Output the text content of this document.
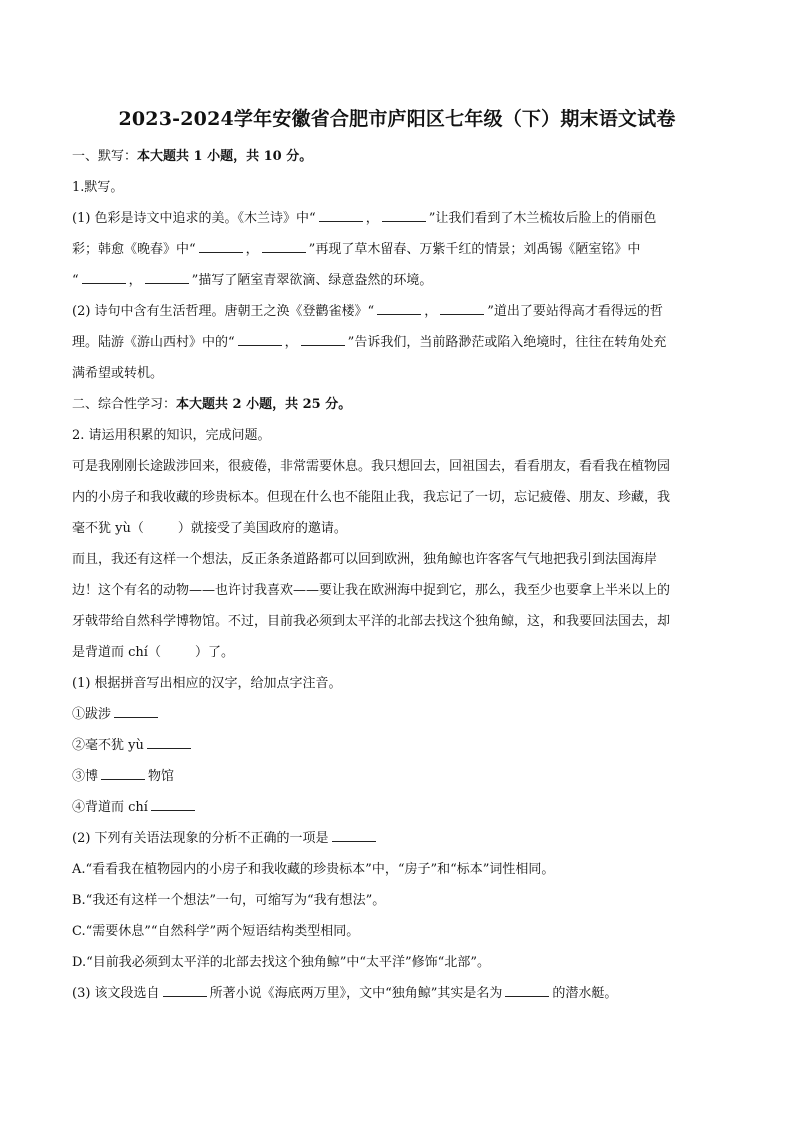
2023-2024学年安徽省合肥市庐阳区七年级（下）期末语文试卷

一、默写：本大题共 1 小题，共 10 分。

1.默写。

(1) 色彩是诗文中追求的美。《木兰诗》中“	，	”让我们看到了木兰梳妆后脸上的俏丽色

彩；韩愈《晚春》中“	，	”再现了草木留春、万紫千红的情景；刘禹锡《陋室铭》中

“	，	”描写了陋室青翠欲滴、绿意盎然的环境。

(2) 诗句中含有生活哲理。唐朝王之涣《登鹳雀楼》“	，	”道出了要站得高才看得远的哲

理。陆游《游山西村》中的“	，	”告诉我们，当前路渺茫或陷入绝境时，往往在转角处充

满希望或转机。

二、综合性学习：本大题共 2 小题，共 25 分。

2. 请运用积累的知识，完成问题。

可是我刚刚长途跋涉回来，很疲倦，非常需要休息。我只想回去，回祖国去，看看朋友，看看我在植物园

内的小房子和我收藏的珍贵标本。但现在什么也不能阻止我，我忘记了一切，忘记疲倦、朋友、珍藏，我

毫不犹 yù（	）就接受了美国政府的邀请。

而且，我还有这样一个想法，反正条条道路都可以回到欧洲，独角鲸也许客客气气地把我引到法国海岸

边！这个有名的动物——也许讨我喜欢——要让我在欧洲海中捉到它，那么，我至少也要拿上半米以上的

牙戟带给自然科学博物馆。不过，目前我必须到太平洋的北部去找这个独角鲸，这，和我要回法国去，却

是背道而 chí（	）了。

(1) 根据拼音写出相应的汉字，给加点字注音。

①跋涉

②毫不犹 yù

③博	物馆

④背道而 chí

(2) 下列有关语法现象的分析不正确的一项是

A.“看看我在植物园内的小房子和我收藏的珍贵标本”中，“房子”和“标本”词性相同。

B.“我还有这样一个想法”一句，可缩写为“我有想法”。

C.“需要休息”“自然科学”两个短语结构类型相同。

D.“目前我必须到太平洋的北部去找这个独角鲸”中“太平洋”修饰“北部”。

(3) 该文段选自	所著小说《海底两万里》，文中“独角鲸”其实是名为	的潜水艇。
